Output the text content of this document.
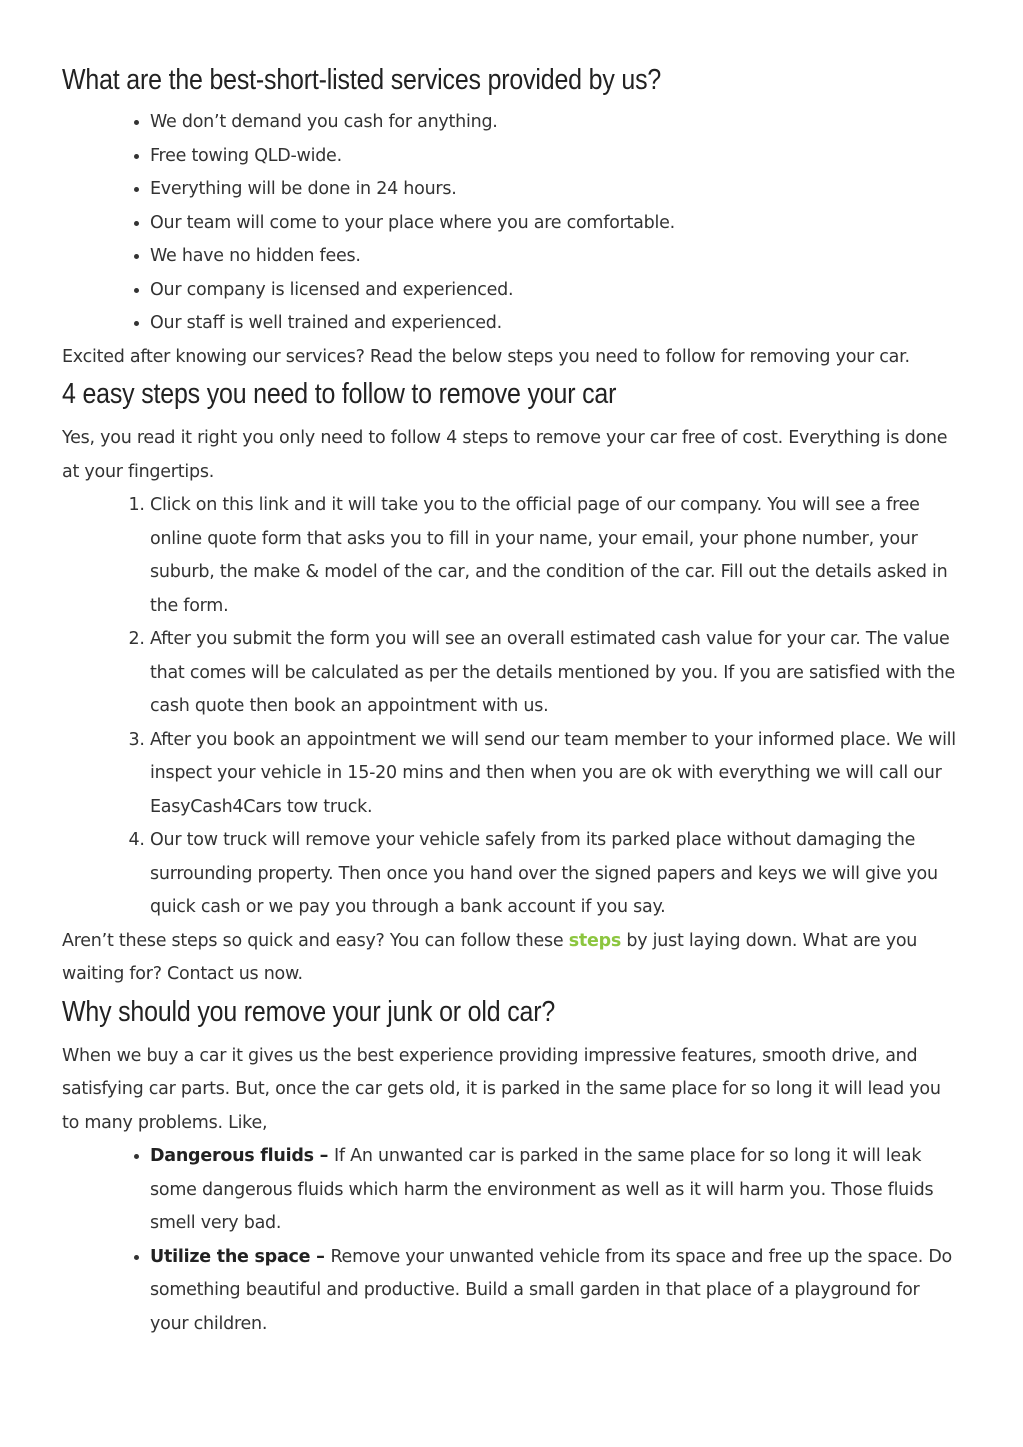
What are the best-short-listed services provided by us?
• We don’t demand you cash for anything.
• Free towing QLD-wide.
• Everything will be done in 24 hours.
• Our team will come to your place where you are comfortable.
• We have no hidden fees.
• Our company is licensed and experienced.
• Our staff is well trained and experienced.

Excited after knowing our services? Read the below steps you need to follow for removing your car.

4 easy steps you need to follow to remove your car

Yes, you read it right you only need to follow 4 steps to remove your car free of cost. Everything is done at your fingertips.

1. Click on this link and it will take you to the official page of our company. You will see a free online quote form that asks you to fill in your name, your email, your phone number, your suburb, the make & model of the car, and the condition of the car. Fill out the details asked in the form.
2. After you submit the form you will see an overall estimated cash value for your car. The value that comes will be calculated as per the details mentioned by you. If you are satisfied with the cash quote then book an appointment with us.
3. After you book an appointment we will send our team member to your informed place. We will inspect your vehicle in 15-20 mins and then when you are ok with everything we will call our EasyCash4Cars tow truck.
4. Our tow truck will remove your vehicle safely from its parked place without damaging the surrounding property. Then once you hand over the signed papers and keys we will give you quick cash or we pay you through a bank account if you say.

Aren’t these steps so quick and easy? You can follow these steps by just laying down. What are you waiting for? Contact us now.

Why should you remove your junk or old car?

When we buy a car it gives us the best experience providing impressive features, smooth drive, and satisfying car parts. But, once the car gets old, it is parked in the same place for so long it will lead you to many problems. Like,

• Dangerous fluids – If An unwanted car is parked in the same place for so long it will leak some dangerous fluids which harm the environment as well as it will harm you. Those fluids smell very bad.
• Utilize the space – Remove your unwanted vehicle from its space and free up the space. Do something beautiful and productive. Build a small garden in that place of a playground for your children.
